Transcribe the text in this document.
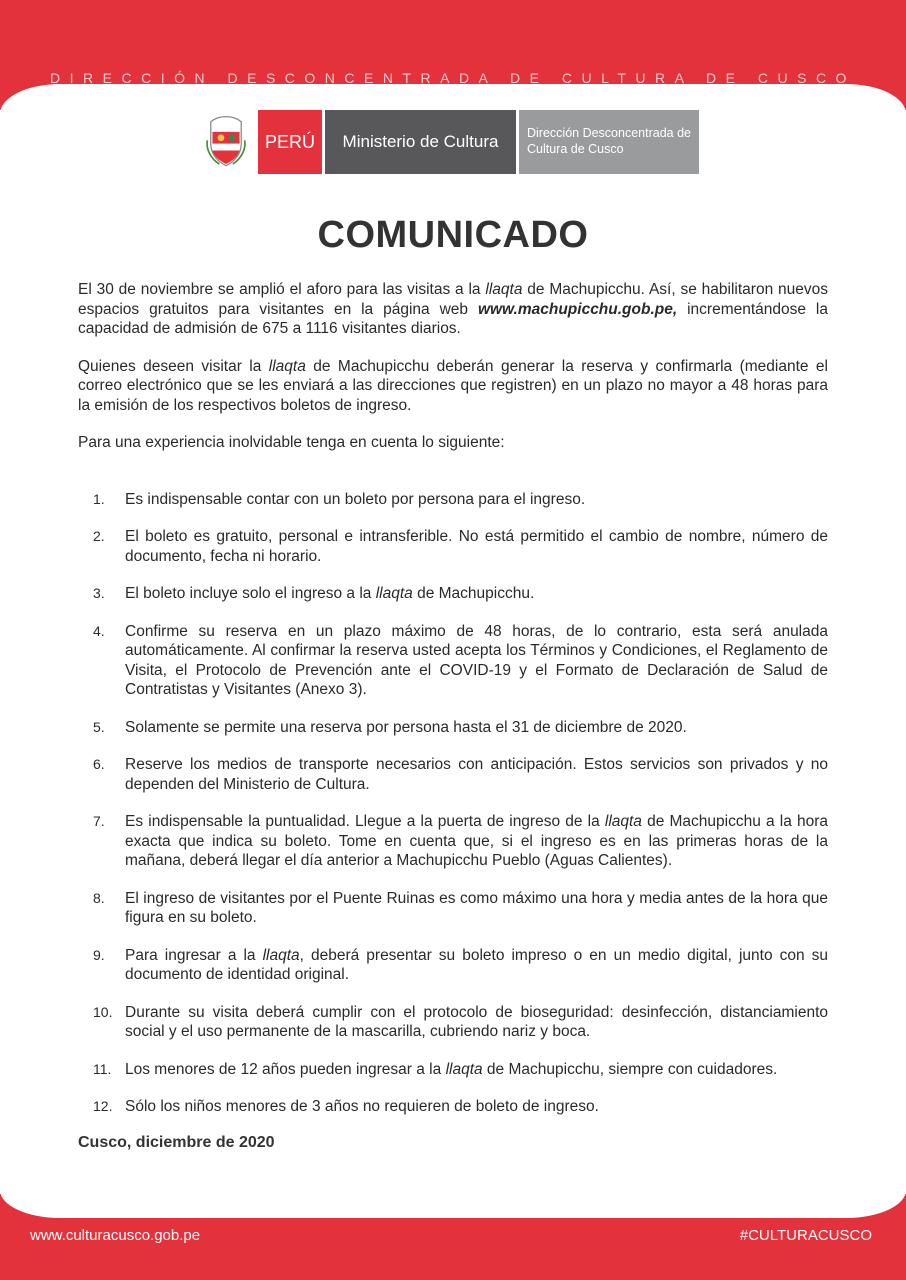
DIRECCIÓN DESCONCENTRADA DE CULTURA DE CUSCO
PERÚ	Ministerio de Cultura	Dirección Desconcentrada de Cultura de Cusco
COMUNICADO

El 30 de noviembre se amplió el aforo para las visitas a la llaqta de Machupicchu. Así, se habilitaron nuevos espacios gratuitos para visitantes en la página web www.machupicchu.gob.pe, incrementándose la capacidad de admisión de 675 a 1116 visitantes diarios.

Quienes deseen visitar la llaqta de Machupicchu deberán generar la reserva y confirmarla (mediante el correo electrónico que se les enviará a las direcciones que registren) en un plazo no mayor a 48 horas para la emisión de los respectivos boletos de ingreso.

Para una experiencia inolvidable tenga en cuenta lo siguiente:

1.	Es indispensable contar con un boleto por persona para el ingreso.
2.	El boleto es gratuito, personal e intransferible. No está permitido el cambio de nombre, número de documento, fecha ni horario.
3.	El boleto incluye solo el ingreso a la llaqta de Machupicchu.
4.	Confirme su reserva en un plazo máximo de 48 horas, de lo contrario, esta será anulada automáticamente. Al confirmar la reserva usted acepta los Términos y Condiciones, el Reglamento de Visita, el Protocolo de Prevención ante el COVID-19 y el Formato de Declaración de Salud de Contratistas y Visitantes (Anexo 3).
5.	Solamente se permite una reserva por persona hasta el 31 de diciembre de 2020.
6.	Reserve los medios de transporte necesarios con anticipación. Estos servicios son privados y no dependen del Ministerio de Cultura.
7.	Es indispensable la puntualidad. Llegue a la puerta de ingreso de la llaqta de Machupicchu a la hora exacta que indica su boleto. Tome en cuenta que, si el ingreso es en las primeras horas de la mañana, deberá llegar el día anterior a Machupicchu Pueblo (Aguas Calientes).
8.	El ingreso de visitantes por el Puente Ruinas es como máximo una hora y media antes de la hora que figura en su boleto.
9.	Para ingresar a la llaqta, deberá presentar su boleto impreso o en un medio digital, junto con su documento de identidad original.
10. Durante su visita deberá cumplir con el protocolo de bioseguridad: desinfección, distanciamiento social y el uso permanente de la mascarilla, cubriendo nariz y boca.
11. Los menores de 12 años pueden ingresar a la llaqta de Machupicchu, siempre con cuidadores.
12. Sólo los niños menores de 3 años no requieren de boleto de ingreso.
Cusco, diciembre de 2020
www.culturacusco.gob.pe	#CULTURACUSCO
